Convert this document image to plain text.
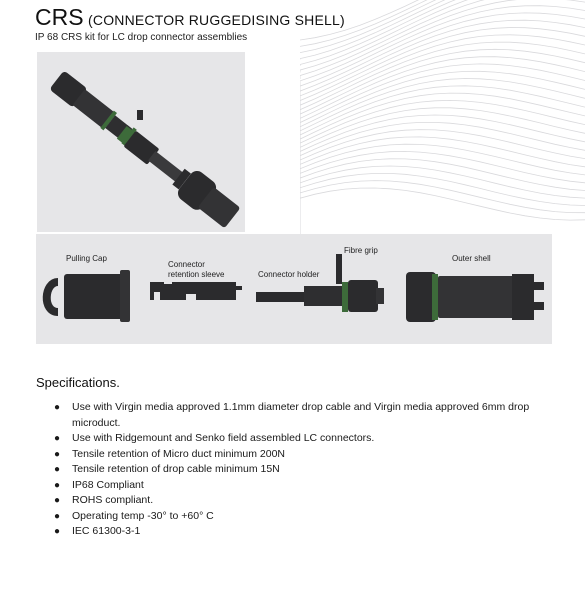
CRS (CONNECTOR RUGGEDISING SHELL)
IP 68 CRS kit for LC drop connector assemblies
Pulling Cap
Connector
retention sleeve	Connector holder
Fibre grip
Outer shell
Specifications.
● Use with Virgin media approved 1.1mm diameter drop cable and Virgin media approved 6mm drop microduct.
● Use with Ridgemount and Senko field assembled LC connectors.
● Tensile retention of Micro duct minimum 200N
● Tensile retention of drop cable minimum 15N
● IP68 Compliant
● ROHS compliant.
● Operating temp -30° to +60° C
● IEC 61300-3-1
